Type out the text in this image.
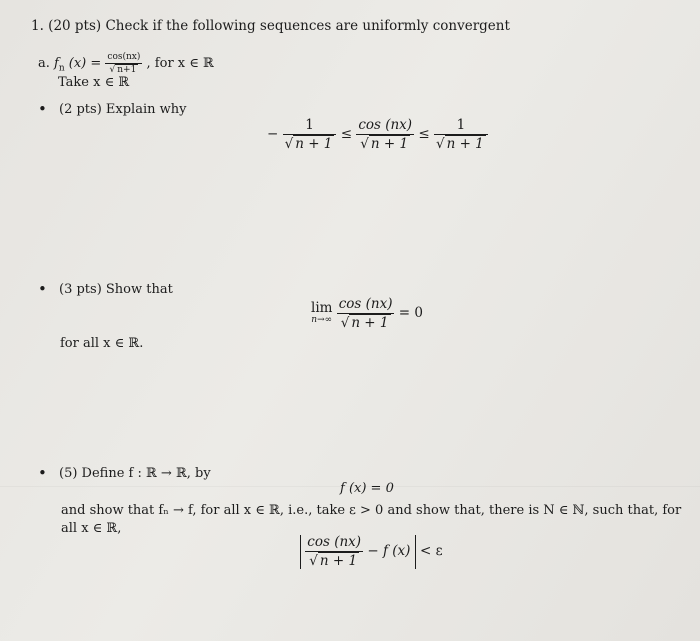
1. (20 pts) Check if the following sequences are uniformly convergent
a. $f_n$ $(x) = \frac{\cos(nx)}{√ n+1}$ , for x ∈ ℝ
Take x ∈ ℝ
• (2 pts) Explain why
− $\frac{1}{√ n + 1} \le \frac{\cos (nx)}{√ n + 1} \le \frac{1}{√ n + 1}$
• (3 pts) Show that
lim
n→∞
$\frac{\cos (nx)}{√ n + 1} = 0$
for all x ∈ ℝ.
• (5) Define f : ℝ → ℝ, by
f (x) = 0
and show that fₙ → f, for all x ∈ ℝ, i.e., take ε > 0 and show that, there is N ∈ ℕ, such that, for
all x ∈ ℝ,

$\frac{\cos (nx)}{√ n + 1} - f$ (x) < ε
